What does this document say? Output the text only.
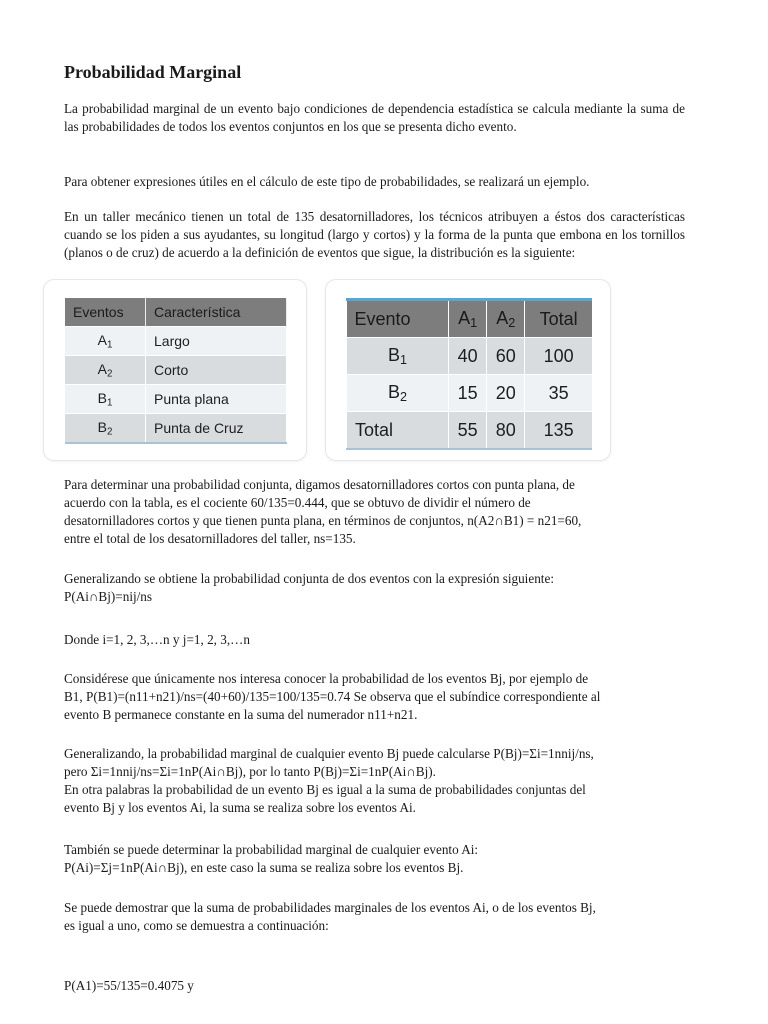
Probabilidad Marginal

La probabilidad marginal de un evento bajo condiciones de dependencia estadística se calcula mediante la suma de las probabilidades de todos los eventos conjuntos en los que se presenta dicho evento.

Para obtener expresiones útiles en el cálculo de este tipo de probabilidades, se realizará un ejemplo.

En un taller mecánico tienen un total de 135 desatornilladores, los técnicos atribuyen a éstos dos características cuando se los piden a sus ayudantes, su longitud (largo y cortos) y la forma de la punta que embona en los tornillos (planos o de cruz) de acuerdo a la definición de eventos que sigue, la distribución es la siguiente:

Eventos	Característica
$A_1$	Largo
$A_2$	Corto
$B_1$	Punta plana
$B_2$	Punta de Cruz
Evento	$A_1$	$A_2$	Total
$B_1$	40	60	100
$B_2$	15	20	35
Total	55	80	135

Para determinar una probabilidad conjunta, digamos desatornilladores cortos con punta plana, de
acuerdo con la tabla, es el cociente 60/135=0.444, que se obtuvo de dividir el número de
desatornilladores cortos y que tienen punta plana, en términos de conjuntos, n(A2∩B1) = n21=60,
entre el total de los desatornilladores del taller, ns=135.

Generalizando se obtiene la probabilidad conjunta de dos eventos con la expresión siguiente:
P(Ai∩Bj)=nij/ns

Donde i=1, 2, 3,…n y j=1, 2, 3,…n

Considérese que únicamente nos interesa conocer la probabilidad de los eventos Bj, por ejemplo de
B1, P(B1)=(n11+n21)/ns=(40+60)/135=100/135=0.74 Se observa que el subíndice correspondiente al
evento B permanece constante en la suma del numerador n11+n21.

Generalizando, la probabilidad marginal de cualquier evento Bj puede calcularse P(Bj)=Σi=1nnij/ns,
pero Σi=1nnij/ns=Σi=1nP(Ai∩Bj), por lo tanto P(Bj)=Σi=1nP(Ai∩Bj).
En otra palabras la probabilidad de un evento Bj es igual a la suma de probabilidades conjuntas del
evento Bj y los eventos Ai, la suma se realiza sobre los eventos Ai.

También se puede determinar la probabilidad marginal de cualquier evento Ai:
P(Ai)=Σj=1nP(Ai∩Bj), en este caso la suma se realiza sobre los eventos Bj.

Se puede demostrar que la suma de probabilidades marginales de los eventos Ai, o de los eventos Bj,
es igual a uno, como se demuestra a continuación:

P(A1)=55/135=0.4075 y
